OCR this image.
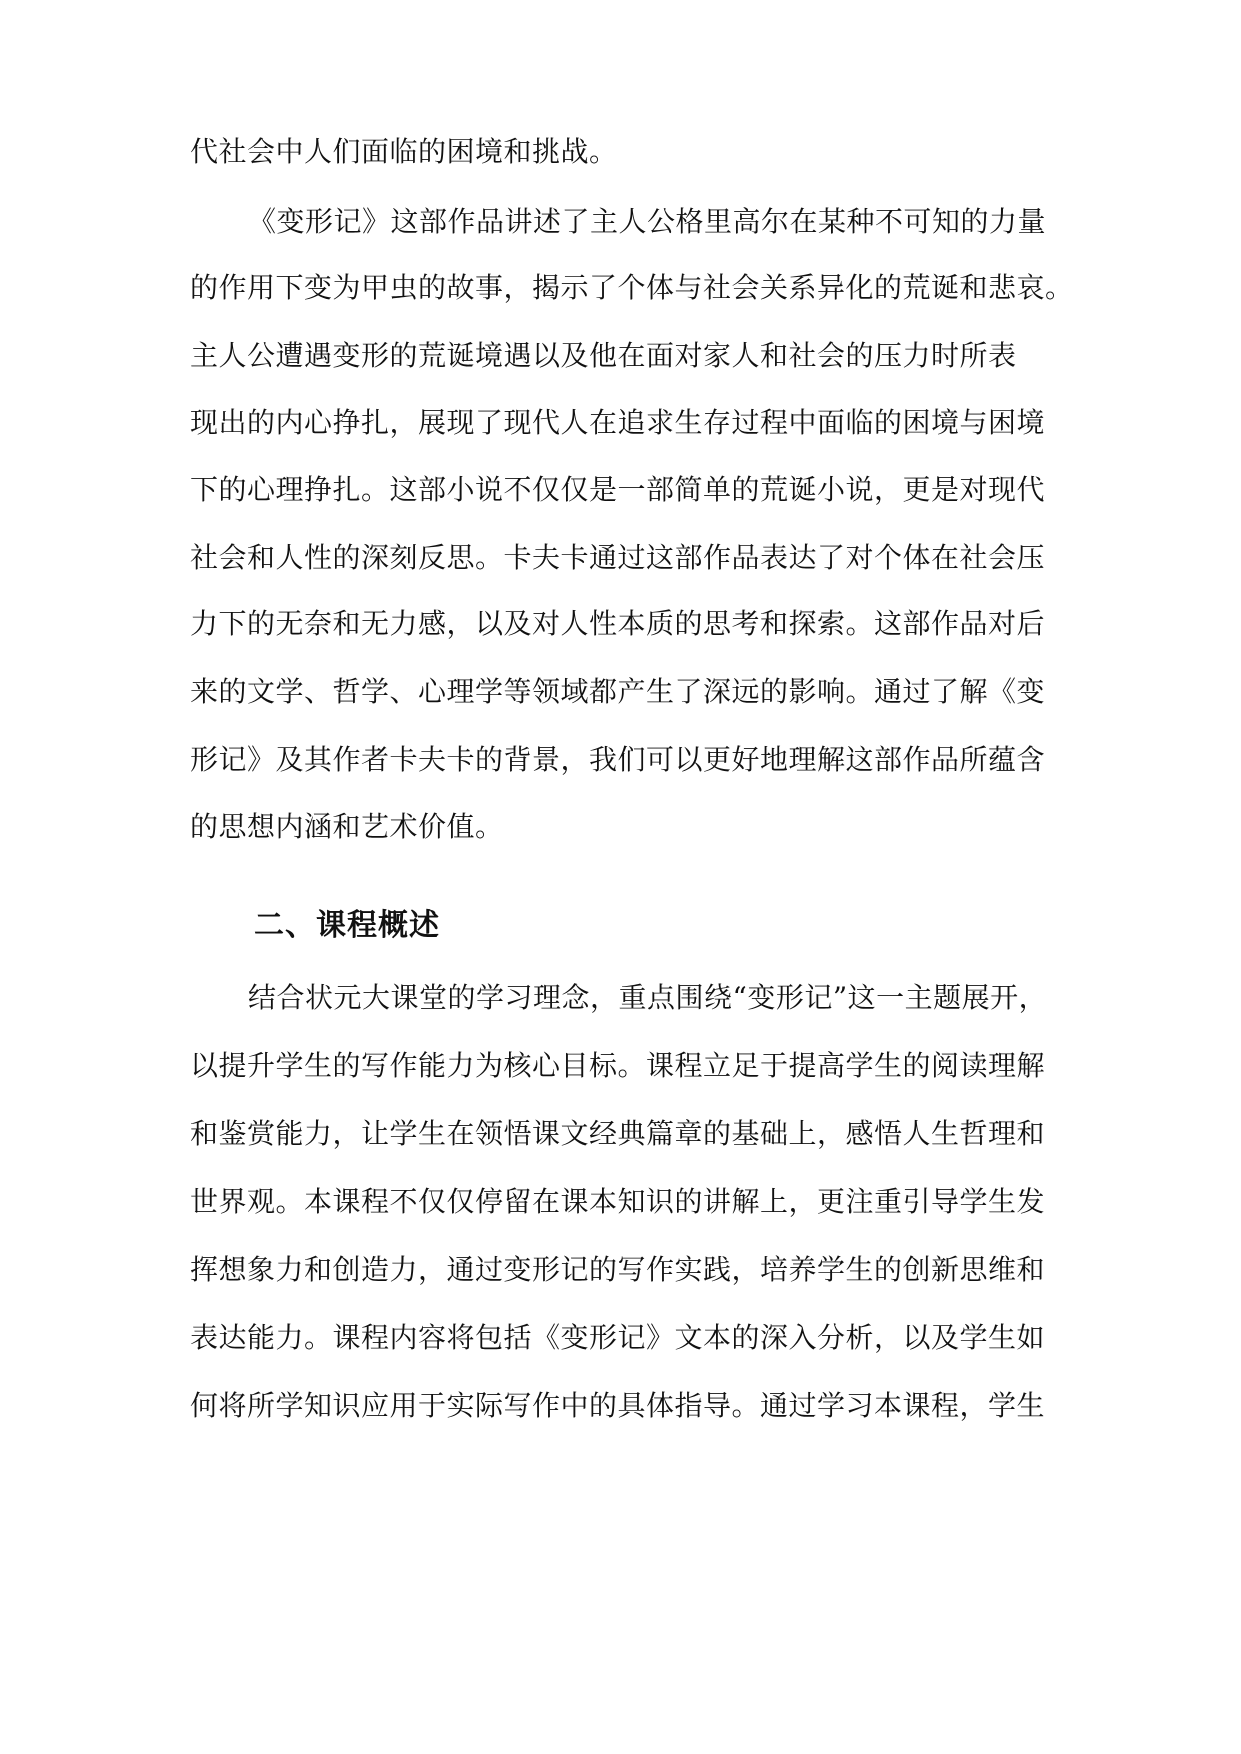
代社会中人们面临的困境和挑战。
《变形记》这部作品讲述了主人公格里高尔在某种不可知的力量
的作用下变为甲虫的故事，揭示了个体与社会关系异化的荒诞和悲哀。
主人公遭遇变形的荒诞境遇以及他在面对家人和社会的压力时所表
现出的内心挣扎，展现了现代人在追求生存过程中面临的困境与困境
下的心理挣扎。这部小说不仅仅是一部简单的荒诞小说，更是对现代
社会和人性的深刻反思。卡夫卡通过这部作品表达了对个体在社会压
力下的无奈和无力感，以及对人性本质的思考和探索。这部作品对后
来的文学、哲学、心理学等领域都产生了深远的影响。通过了解《变
形记》及其作者卡夫卡的背景，我们可以更好地理解这部作品所蕴含
的思想内涵和艺术价值。
二、课程概述
结合状元大课堂的学习理念，重点围绕“变形记”这一主题展开，
以提升学生的写作能力为核心目标。课程立足于提高学生的阅读理解
和鉴赏能力，让学生在领悟课文经典篇章的基础上，感悟人生哲理和
世界观。本课程不仅仅停留在课本知识的讲解上，更注重引导学生发
挥想象力和创造力，通过变形记的写作实践，培养学生的创新思维和
表达能力。课程内容将包括《变形记》文本的深入分析，以及学生如
何将所学知识应用于实际写作中的具体指导。通过学习本课程，学生
